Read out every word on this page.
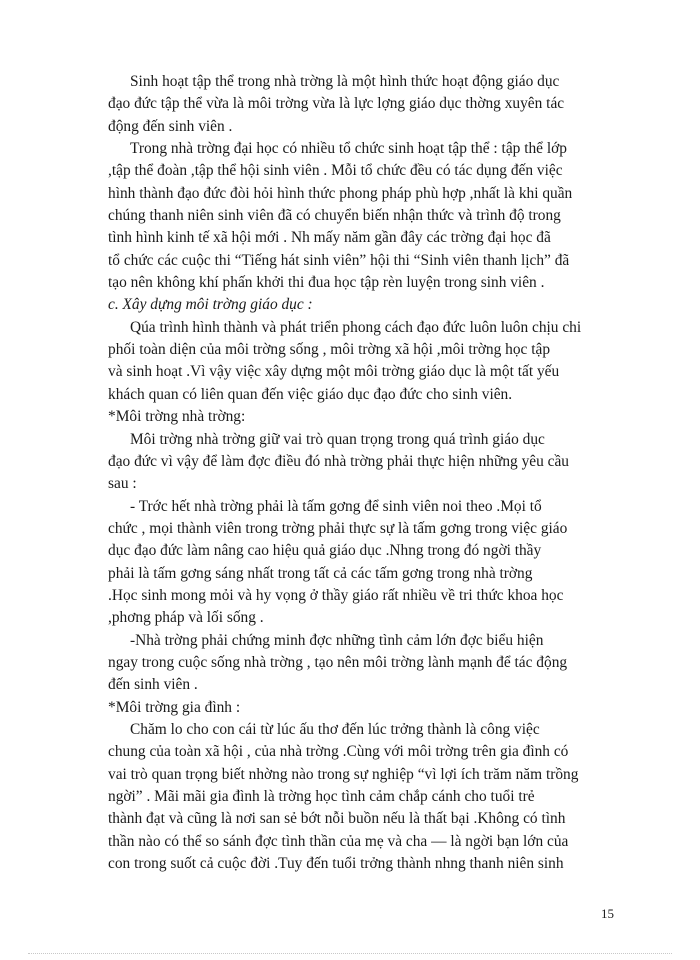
Sinh hoạt tập thể trong nhà trờng là một hình thức hoạt động giáo dục
đạo đức tập thể vừa là môi trờng vừa là lực lợng giáo dục thờng xuyên tác
động đến sinh viên .
Trong nhà trờng đại học có nhiều tổ chức sinh hoạt tập thể : tập thể lớp
,tập thể đoàn ,tập thể hội sinh viên . Mỗi tổ chức đều có tác dụng đến việc
hình thành đạo đức đòi hỏi hình thức phong pháp phù hợp ,nhất là khi quần
chúng thanh niên sinh viên đã có chuyển biến nhận thức và trình độ trong
tình hình kinh tế xã hội mới . Nh mấy năm gần đây các trờng đại học đã
tổ chức các cuộc thi “Tiếng hát sinh viên” hội thi “Sinh viên thanh lịch” đã
tạo nên không khí phấn khởi thi đua học tập rèn luyện trong sinh viên .
c. Xây dựng môi trờng giáo dục :
Qúa trình hình thành và phát triển phong cách đạo đức luôn luôn chịu chi
phối toàn diện của môi trờng sống , môi trờng xã hội ,môi trờng học tập
và sinh hoạt .Vì vậy việc xây dựng một môi trờng giáo dục là một tất yếu
khách quan có liên quan đến việc giáo dục đạo đức cho sinh viên.
*Môi trờng nhà trờng:
Môi trờng nhà trờng giữ vai trò quan trọng trong quá trình giáo dục
đạo đức vì vậy để làm đợc điều đó nhà trờng phải thực hiện những yêu cầu
sau :
- Trớc hết nhà trờng phải là tấm gơng để sinh viên noi theo .Mọi tổ
chức , mọi thành viên trong trờng phải thực sự là tấm gơng trong việc giáo
dục đạo đức làm nâng cao hiệu quả giáo dục .Nhng trong đó ngời thầy
phải là tấm gơng sáng nhất trong tất cả các tấm gơng trong nhà trờng
.Học sinh mong mỏi và hy vọng ở thầy giáo rất nhiều về tri thức khoa học
,phơng pháp và lối sống .
-Nhà trờng phải chứng minh đợc những tình cảm lớn đợc biểu hiện
ngay trong cuộc sống nhà trờng , tạo nên môi trờng lành mạnh để tác động
đến sinh viên .
*Môi trờng gia đình :
Chăm lo cho con cái từ lúc ấu thơ đến lúc trởng thành là công việc
chung của toàn xã hội , của nhà trờng .Cùng với môi trờng trên gia đình có
vai trò quan trọng biết nhờng nào trong sự nghiệp “vì lợi ích trăm năm trồng
ngời” . Mãi mãi gia đình là trờng học tình cảm chắp cánh cho tuổi trẻ
thành đạt và cũng là nơi san sẻ bớt nỗi buồn nếu là thất bại .Không có tình
thần nào có thể so sánh đợc tình thần của mẹ và cha — là ngời bạn lớn của
con trong suốt cả cuộc đời .Tuy đến tuổi trởng thành nhng thanh niên sinh
15
